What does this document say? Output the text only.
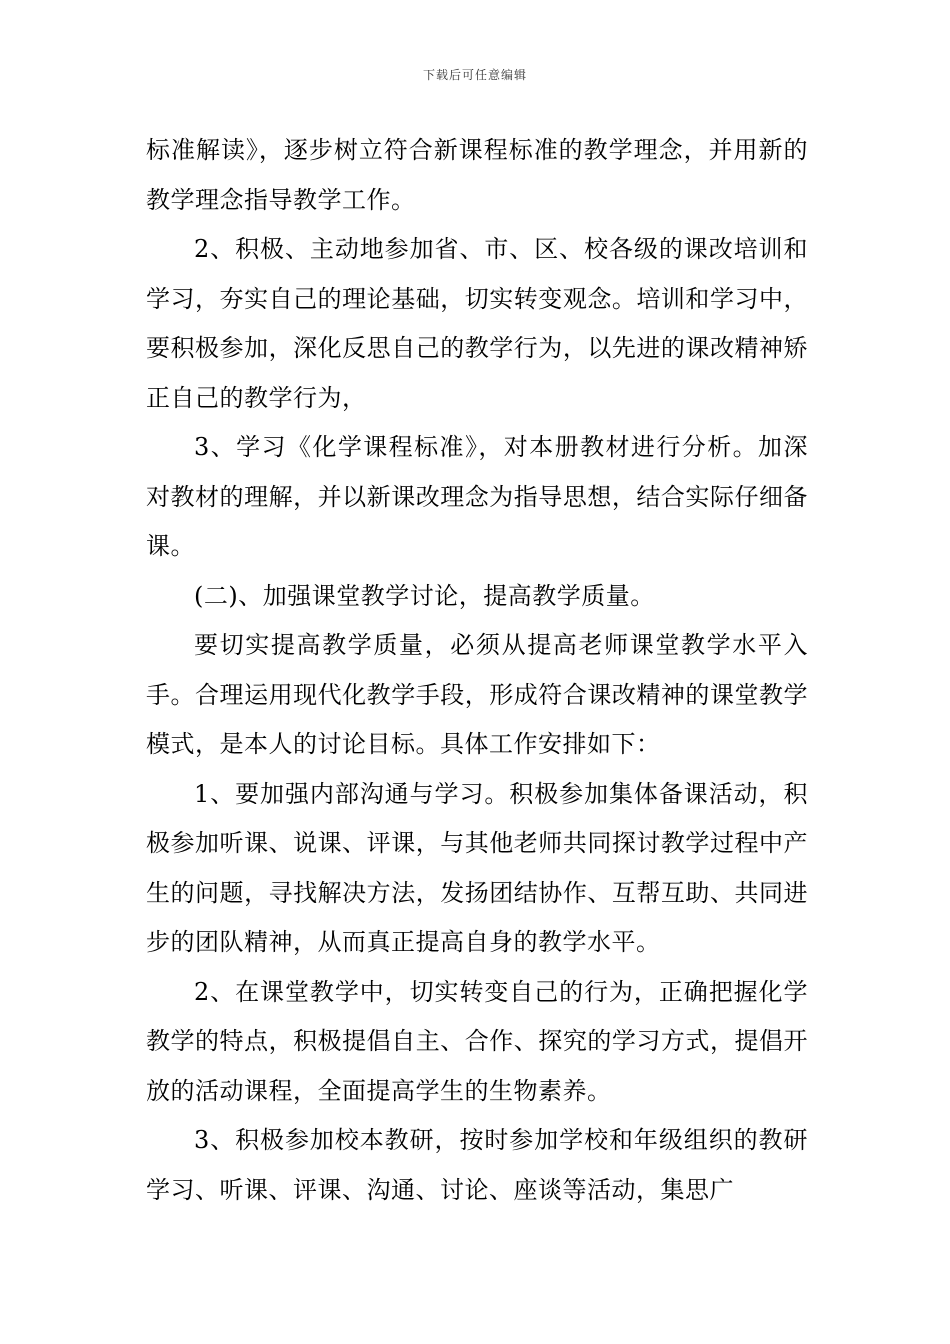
下载后可任意编辑

标准解读》，逐步树立符合新课程标准的教学理念，并用新的教学理念指导教学工作。

2、积极、主动地参加省、市、区、校各级的课改培训和学习，夯实自己的理论基础，切实转变观念。培训和学习中，要积极参加，深化反思自己的教学行为，以先进的课改精神矫正自己的教学行为，

3、学习《化学课程标准》，对本册教材进行分析。加深对教材的理解，并以新课改理念为指导思想，结合实际仔细备课。

(二)、加强课堂教学讨论，提高教学质量。

要切实提高教学质量，必须从提高老师课堂教学水平入手。合理运用现代化教学手段，形成符合课改精神的课堂教学模式，是本人的讨论目标。具体工作安排如下：

1、要加强内部沟通与学习。积极参加集体备课活动，积极参加听课、说课、评课，与其他老师共同探讨教学过程中产生的问题，寻找解决方法，发扬团结协作、互帮互助、共同进步的团队精神，从而真正提高自身的教学水平。

2、在课堂教学中，切实转变自己的行为，正确把握化学教学的特点，积极提倡自主、合作、探究的学习方式，提倡开放的活动课程，全面提高学生的生物素养。

3、积极参加校本教研，按时参加学校和年级组织的教研学习、听课、评课、沟通、讨论、座谈等活动，集思广
